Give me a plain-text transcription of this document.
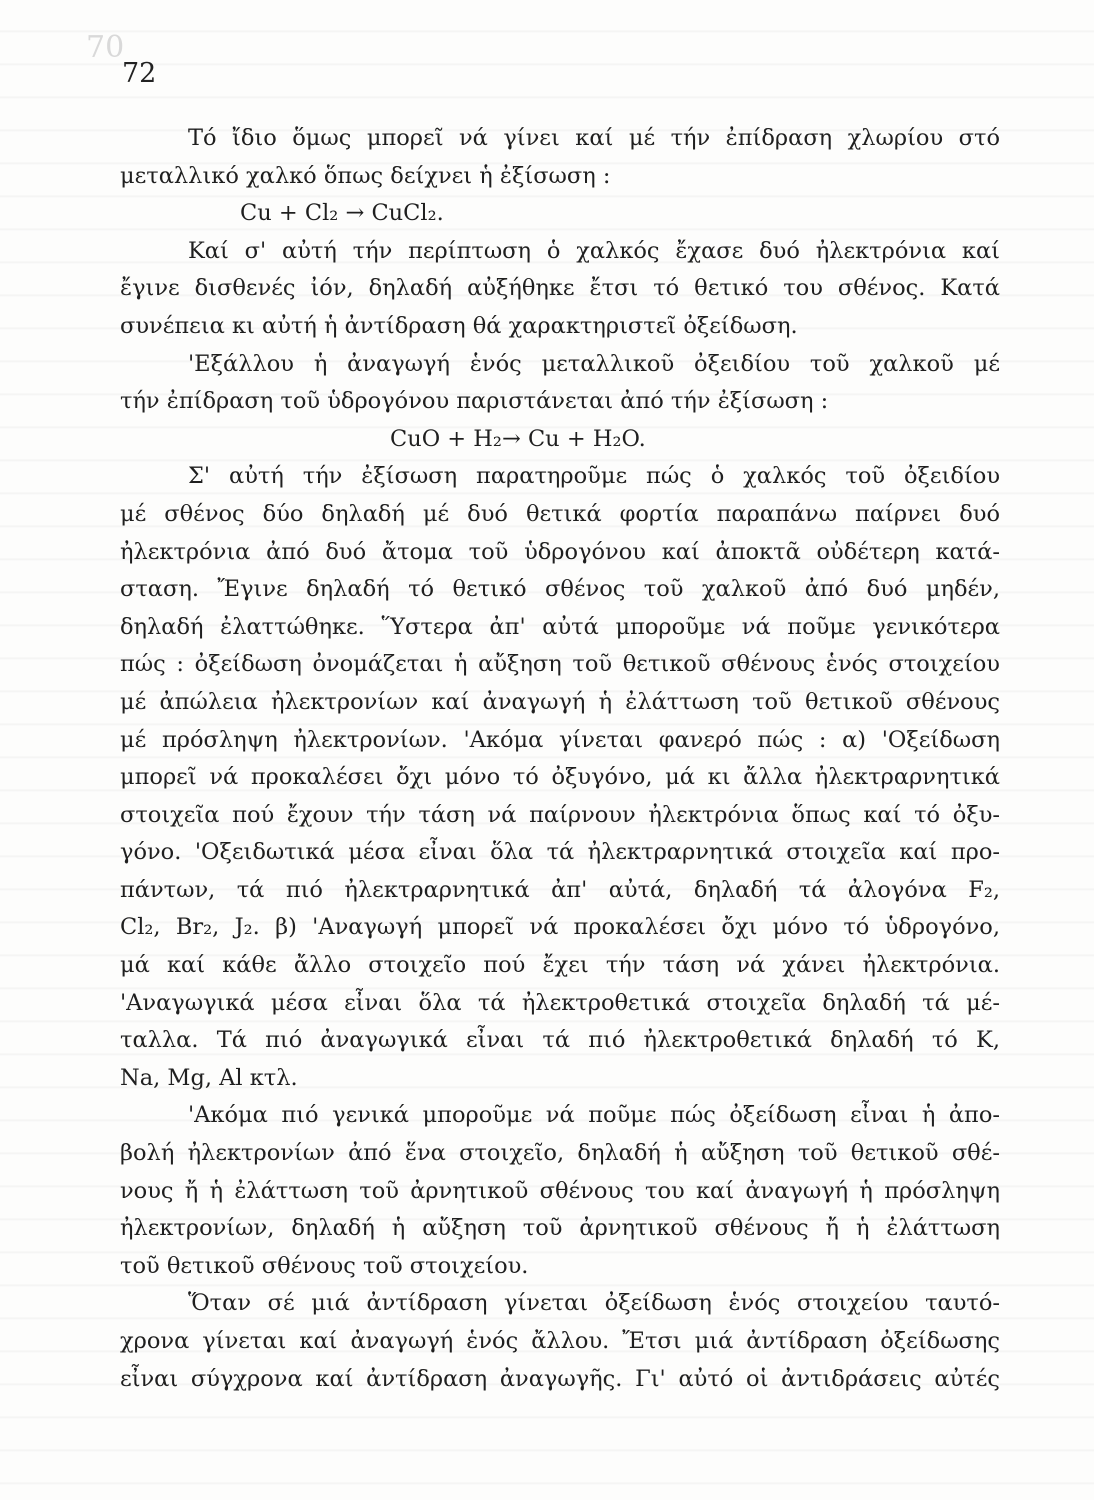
70
72
Τό ἴδιο ὅμως μπορεῖ νά γίνει καί μέ τήν ἐπίδραση χλωρίου στό
μεταλλικό χαλκό ὅπως δείχνει ἡ ἐξίσωση :
Cu + Cl₂ → CuCl₂.
Καί σ' αὐτή τήν περίπτωση ὁ χαλκός ἔχασε δυό ἠλεκτρόνια καί
ἔγινε δισθενές ἰόν, δηλαδή αὐξήθηκε ἔτσι τό θετικό του σθένος. Κατά
συνέπεια κι αὐτή ἡ ἀντίδραση θά χαρακτηριστεῖ ὀξείδωση.
'Εξάλλου ἡ ἀναγωγή ἑνός μεταλλικοῦ ὀξειδίου τοῦ χαλκοῦ μέ
τήν ἐπίδραση τοῦ ὑδρογόνου παριστάνεται ἀπό τήν ἐξίσωση :
CuO + H₂→ Cu + H₂O.
Σ' αὐτή τήν ἐξίσωση παρατηροῦμε πώς ὁ χαλκός τοῦ ὀξειδίου
μέ σθένος δύο δηλαδή μέ δυό θετικά φορτία παραπάνω παίρνει δυό
ἠλεκτρόνια ἀπό δυό ἄτομα τοῦ ὑδρογόνου καί ἀποκτᾶ οὐδέτερη κατά-
σταση. Ἔγινε δηλαδή τό θετικό σθένος τοῦ χαλκοῦ ἀπό δυό μηδέν,
δηλαδή ἐλαττώθηκε. Ὕστερα ἀπ' αὐτά μποροῦμε νά ποῦμε γενικότερα
πώς : ὀξείδωση ὀνομάζεται ἡ αὔξηση τοῦ θετικοῦ σθένους ἑνός στοιχείου
μέ ἀπώλεια ἠλεκτρονίων καί ἀναγωγή ἡ ἐλάττωση τοῦ θετικοῦ σθένους
μέ πρόσληψη ἠλεκτρονίων. 'Ακόμα γίνεται φανερό πώς : α) 'Οξείδωση
μπορεῖ νά προκαλέσει ὄχι μόνο τό ὀξυγόνο, μά κι ἄλλα ἠλεκτραρνητικά
στοιχεῖα πού ἔχουν τήν τάση νά παίρνουν ἠλεκτρόνια ὅπως καί τό ὀξυ-
γόνο. 'Οξειδωτικά μέσα εἶναι ὅλα τά ἠλεκτραρνητικά στοιχεῖα καί προ-
πάντων, τά πιό ἠλεκτραρνητικά ἀπ' αὐτά, δηλαδή τά ἀλογόνα F₂,
Cl₂, Br₂, J₂. β) 'Αναγωγή μπορεῖ νά προκαλέσει ὄχι μόνο τό ὑδρογόνο,
μά καί κάθε ἄλλο στοιχεῖο πού ἔχει τήν τάση νά χάνει ἠλεκτρόνια.
'Αναγωγικά μέσα εἶναι ὅλα τά ἠλεκτροθετικά στοιχεῖα δηλαδή τά μέ-
ταλλα. Τά πιό ἀναγωγικά εἶναι τά πιό ἠλεκτροθετικά δηλαδή τό K,
Na, Mg, Al κτλ.
'Ακόμα πιό γενικά μποροῦμε νά ποῦμε πώς ὀξείδωση εἶναι ἡ ἀπο-
βολή ἠλεκτρονίων ἀπό ἕνα στοιχεῖο, δηλαδή ἡ αὔξηση τοῦ θετικοῦ σθέ-
νους ἤ ἡ ἐλάττωση τοῦ ἀρνητικοῦ σθένους του καί ἀναγωγή ἡ πρόσληψη
ἠλεκτρονίων, δηλαδή ἡ αὔξηση τοῦ ἀρνητικοῦ σθένους ἤ ἡ ἐλάττωση
τοῦ θετικοῦ σθένους τοῦ στοιχείου.
Ὅταν σέ μιά ἀντίδραση γίνεται ὀξείδωση ἑνός στοιχείου ταυτό-
χρονα γίνεται καί ἀναγωγή ἑνός ἄλλου. Ἔτσι μιά ἀντίδραση ὀξείδωσης
εἶναι σύγχρονα καί ἀντίδραση ἀναγωγῆς. Γι' αὐτό οἱ ἀντιδράσεις αὐτές
